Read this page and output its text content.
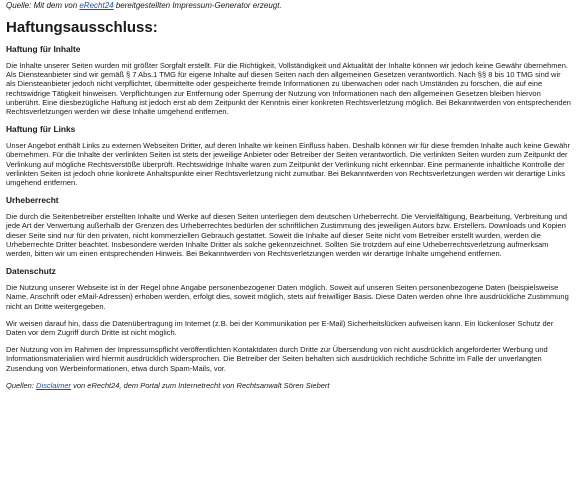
Quelle: Mit dem von eRecht24 bereitgestellten Impressum-Generator erzeugt.
Haftungsausschluss:
Haftung für Inhalte

Die Inhalte unserer Seiten wurden mit größter Sorgfalt erstellt. Für die Richtigkeit, Vollständigkeit und Aktualität der Inhalte können wir jedoch keine Gewähr übernehmen. Als Diensteanbieter sind wir gemäß § 7 Abs.1 TMG für eigene Inhalte auf diesen Seiten nach den allgemeinen Gesetzen verantwortlich. Nach §§ 8 bis 10 TMG sind wir als Diensteanbieter jedoch nicht verpflichtet, übermittelte oder gespeicherte fremde Informationen zu überwachen oder nach Umständen zu forschen, die auf eine rechtswidrige Tätigkeit hinweisen. Verpflichtungen zur Entfernung oder Sperrung der Nutzung von Informationen nach den allgemeinen Gesetzen bleiben hiervon unberührt. Eine diesbezügliche Haftung ist jedoch erst ab dem Zeitpunkt der Kenntnis einer konkreten Rechtsverletzung möglich. Bei Bekanntwerden von entsprechenden Rechtsverletzungen werden wir diese Inhalte umgehend entfernen.

Haftung für Links

Unser Angebot enthält Links zu externen Webseiten Dritter, auf deren Inhalte wir keinen Einfluss haben. Deshalb können wir für diese fremden Inhalte auch keine Gewähr übernehmen. Für die Inhalte der verlinkten Seiten ist stets der jeweilige Anbieter oder Betreiber der Seiten verantwortlich. Die verlinkten Seiten wurden zum Zeitpunkt der Verlinkung auf mögliche Rechtsverstöße überprüft. Rechtswidrige Inhalte waren zum Zeitpunkt der Verlinkung nicht erkennbar. Eine permanente inhaltliche Kontrolle der verlinkten Seiten ist jedoch ohne konkrete Anhaltspunkte einer Rechtsverletzung nicht zumutbar. Bei Bekanntwerden von Rechtsverletzungen werden wir derartige Links umgehend entfernen.

Urheberrecht

Die durch die Seitenbetreiber erstellten Inhalte und Werke auf diesen Seiten unterliegen dem deutschen Urheberrecht. Die Vervielfältigung, Bearbeitung, Verbreitung und jede Art der Verwertung außerhalb der Grenzen des Urheberrechtes bedürfen der schriftlichen Zustimmung des jeweiligen Autors bzw. Erstellers. Downloads und Kopien dieser Seite sind nur für den privaten, nicht kommerziellen Gebrauch gestattet. Soweit die Inhalte auf dieser Seite nicht vom Betreiber erstellt wurden, werden die Urheberrechte Dritter beachtet. Insbesondere werden Inhalte Dritter als solche gekennzeichnet. Sollten Sie trotzdem auf eine Urheberrechtsverletzung aufmerksam werden, bitten wir um einen entsprechenden Hinweis. Bei Bekanntwerden von Rechtsverletzungen werden wir derartige Inhalte umgehend entfernen.

Datenschutz

Die Nutzung unserer Webseite ist in der Regel ohne Angabe personenbezogener Daten möglich. Soweit auf unseren Seiten personenbezogene Daten (beispielsweise Name, Anschrift oder eMail-Adressen) erhoben werden, erfolgt dies, soweit möglich, stets auf freiwilliger Basis. Diese Daten werden ohne Ihre ausdrückliche Zustimmung nicht an Dritte weitergegeben.

Wir weisen darauf hin, dass die Datenübertragung im Internet (z.B. bei der Kommunikation per E-Mail) Sicherheitslücken aufweisen kann. Ein lückenloser Schutz der Daten vor dem Zugriff durch Dritte ist nicht möglich.

Der Nutzung von im Rahmen der Impressumspflicht veröffentlichten Kontaktdaten durch Dritte zur Übersendung von nicht ausdrücklich angeforderter Werbung und Informationsmaterialien wird hiermit ausdrücklich widersprochen. Die Betreiber der Seiten behalten sich ausdrücklich rechtliche Schritte im Falle der unverlangten Zusendung von Werbeinformationen, etwa durch Spam-Mails, vor.

Quellen: Disclaimer von eRecht24, dem Portal zum Internetrecht von Rechtsanwalt Sören Siebert
